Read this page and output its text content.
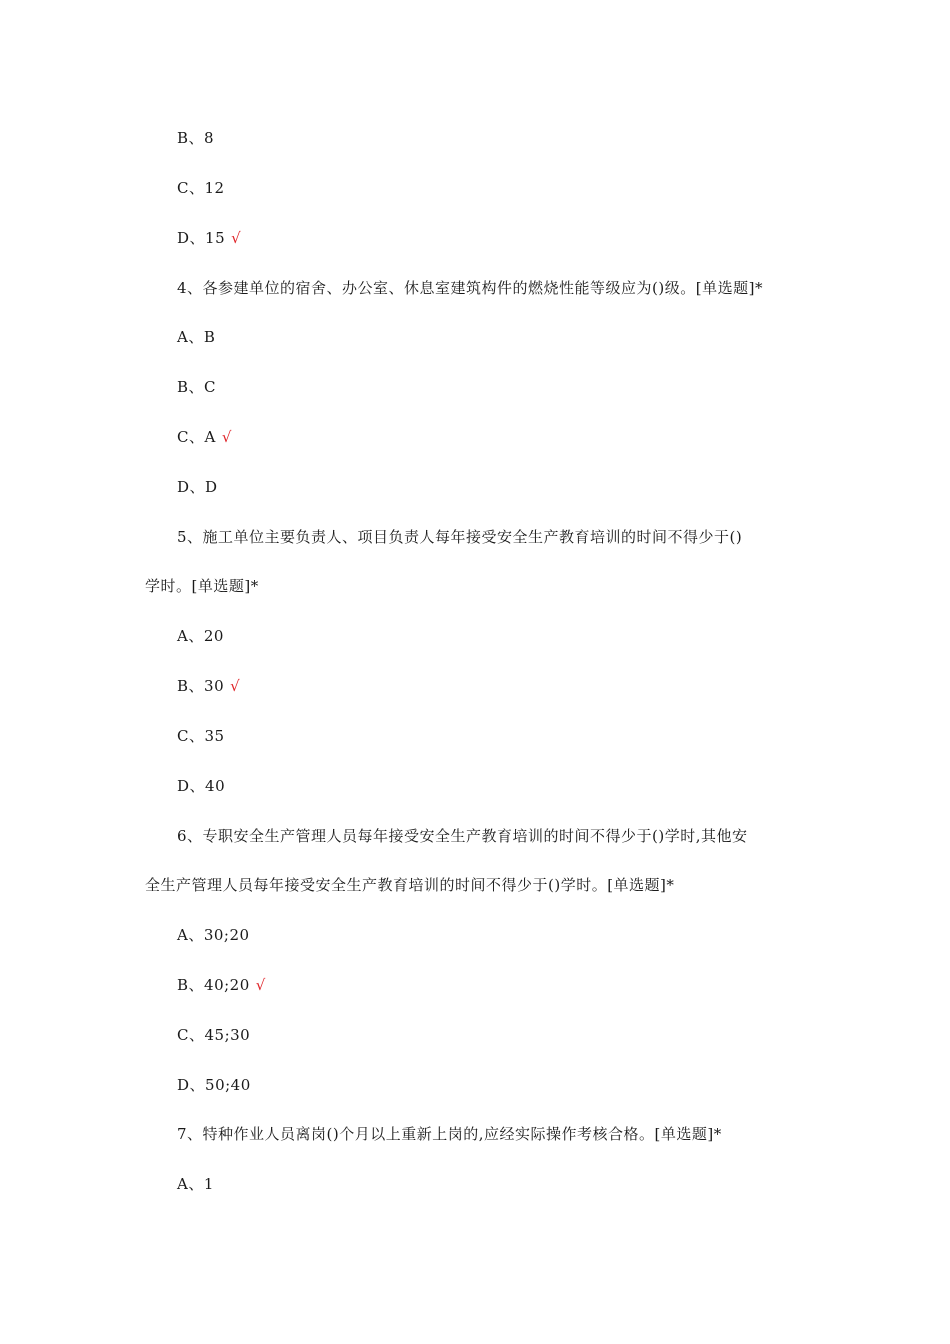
B、8
C、12
D、15 √
4、各参建单位的宿舍、办公室、休息室建筑构件的燃烧性能等级应为()级。[单选题]*
A、B
B、C
C、A √
D、D
5、施工单位主要负责人、项目负责人每年接受安全生产教育培训的时间不得少于()
学时。[单选题]*
A、20
B、30 √
C、35
D、40
6、专职安全生产管理人员每年接受安全生产教育培训的时间不得少于()学时,其他安
全生产管理人员每年接受安全生产教育培训的时间不得少于()学时。[单选题]*
A、30;20
B、40;20 √
C、45;30
D、50;40
7、特种作业人员离岗()个月以上重新上岗的,应经实际操作考核合格。[单选题]*
A、1
